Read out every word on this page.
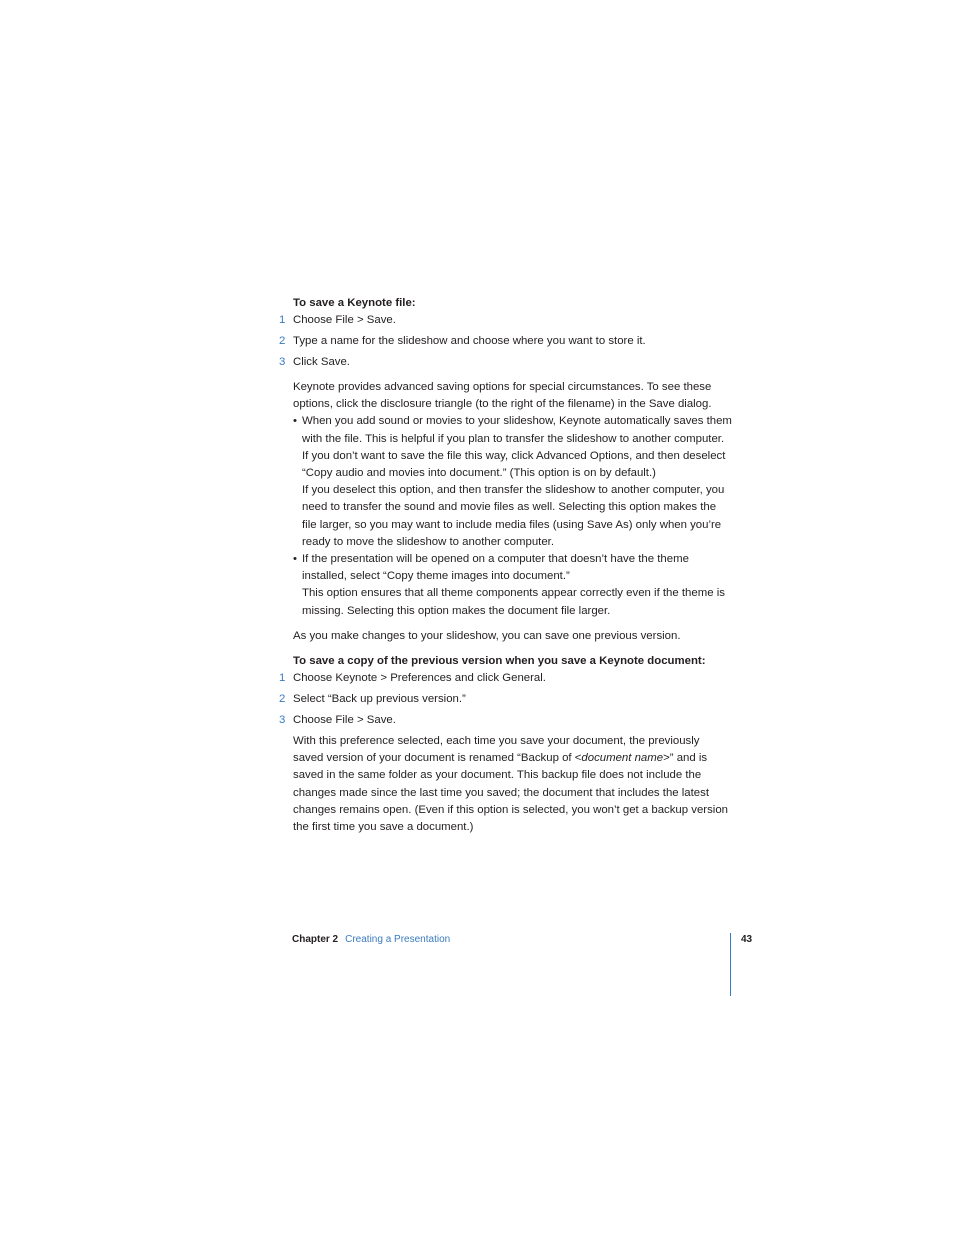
To save a Keynote file:

1 Choose File > Save.
2 Type a name for the slideshow and choose where you want to store it.
3 Click Save.

Keynote provides advanced saving options for special circumstances. To see these options, click the disclosure triangle (to the right of the filename) in the Save dialog.

• When you add sound or movies to your slideshow, Keynote automatically saves them with the file. This is helpful if you plan to transfer the slideshow to another computer. If you don’t want to save the file this way, click Advanced Options, and then deselect “Copy audio and movies into document.” (This option is on by default.)

If you deselect this option, and then transfer the slideshow to another computer, you need to transfer the sound and movie files as well. Selecting this option makes the file larger, so you may want to include media files (using Save As) only when you’re ready to move the slideshow to another computer.

• If the presentation will be opened on a computer that doesn’t have the theme installed, select “Copy theme images into document.”

This option ensures that all theme components appear correctly even if the theme is missing. Selecting this option makes the document file larger.

As you make changes to your slideshow, you can save one previous version.

To save a copy of the previous version when you save a Keynote document:

1 Choose Keynote > Preferences and click General.
2 Select “Back up previous version.”
3 Choose File > Save.

With this preference selected, each time you save your document, the previously saved version of your document is renamed “Backup of <document name>” and is saved in the same folder as your document. This backup file does not include the changes made since the last time you saved; the document that includes the latest changes remains open. (Even if this option is selected, you won’t get a backup version the first time you save a document.)

Chapter 2 Creating a Presentation	43
